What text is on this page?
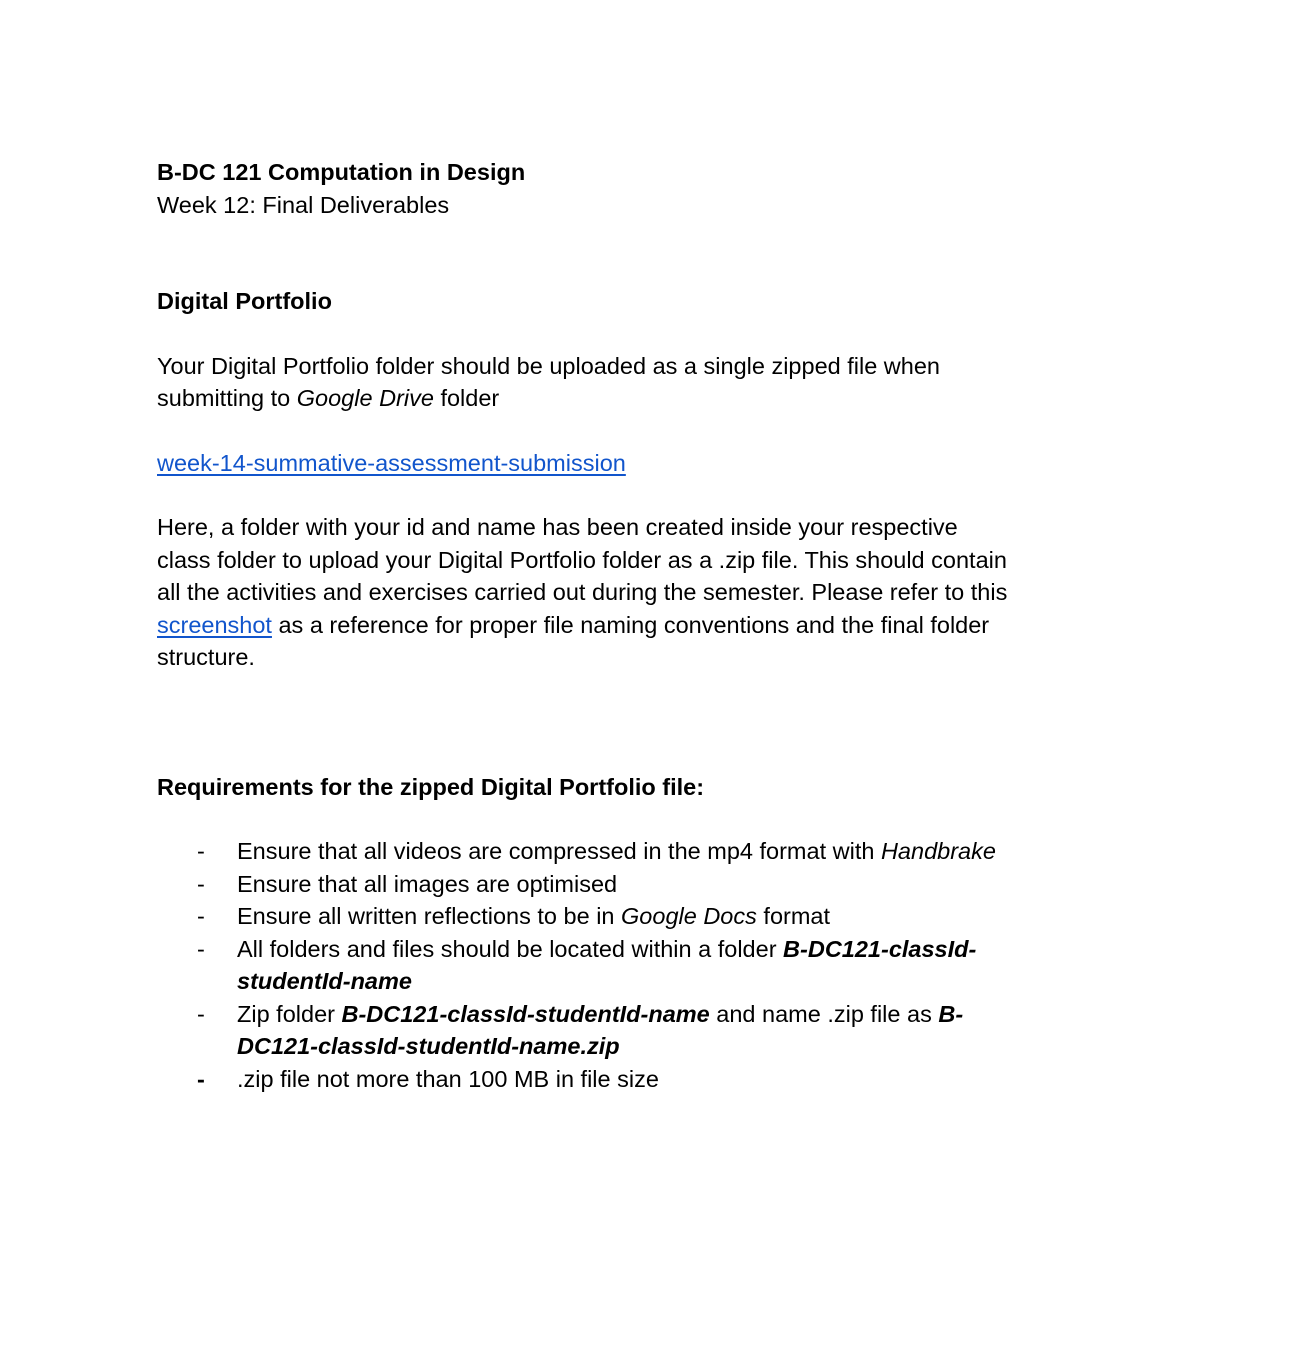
B-DC 121 Computation in Design
Week 12: Final Deliverables
Digital Portfolio

Your Digital Portfolio folder should be uploaded as a single zipped file when submitting to Google Drive folder

week-14-summative-assessment-submission

Here, a folder with your id and name has been created inside your respective class folder to upload your Digital Portfolio folder as a .zip file. This should contain all the activities and exercises carried out during the semester. Please refer to this screenshot as a reference for proper file naming conventions and the final folder structure.

Requirements for the zipped Digital Portfolio file:
- Ensure that all videos are compressed in the mp4 format with Handbrake
- Ensure that all images are optimised
- Ensure all written reflections to be in Google Docs format
- All folders and files should be located within a folder B-DC121-classId-studentId-name
- Zip folder B-DC121-classId-studentId-name and name .zip file as B-DC121-classId-studentId-name.zip
- .zip file not more than 100 MB in file size
